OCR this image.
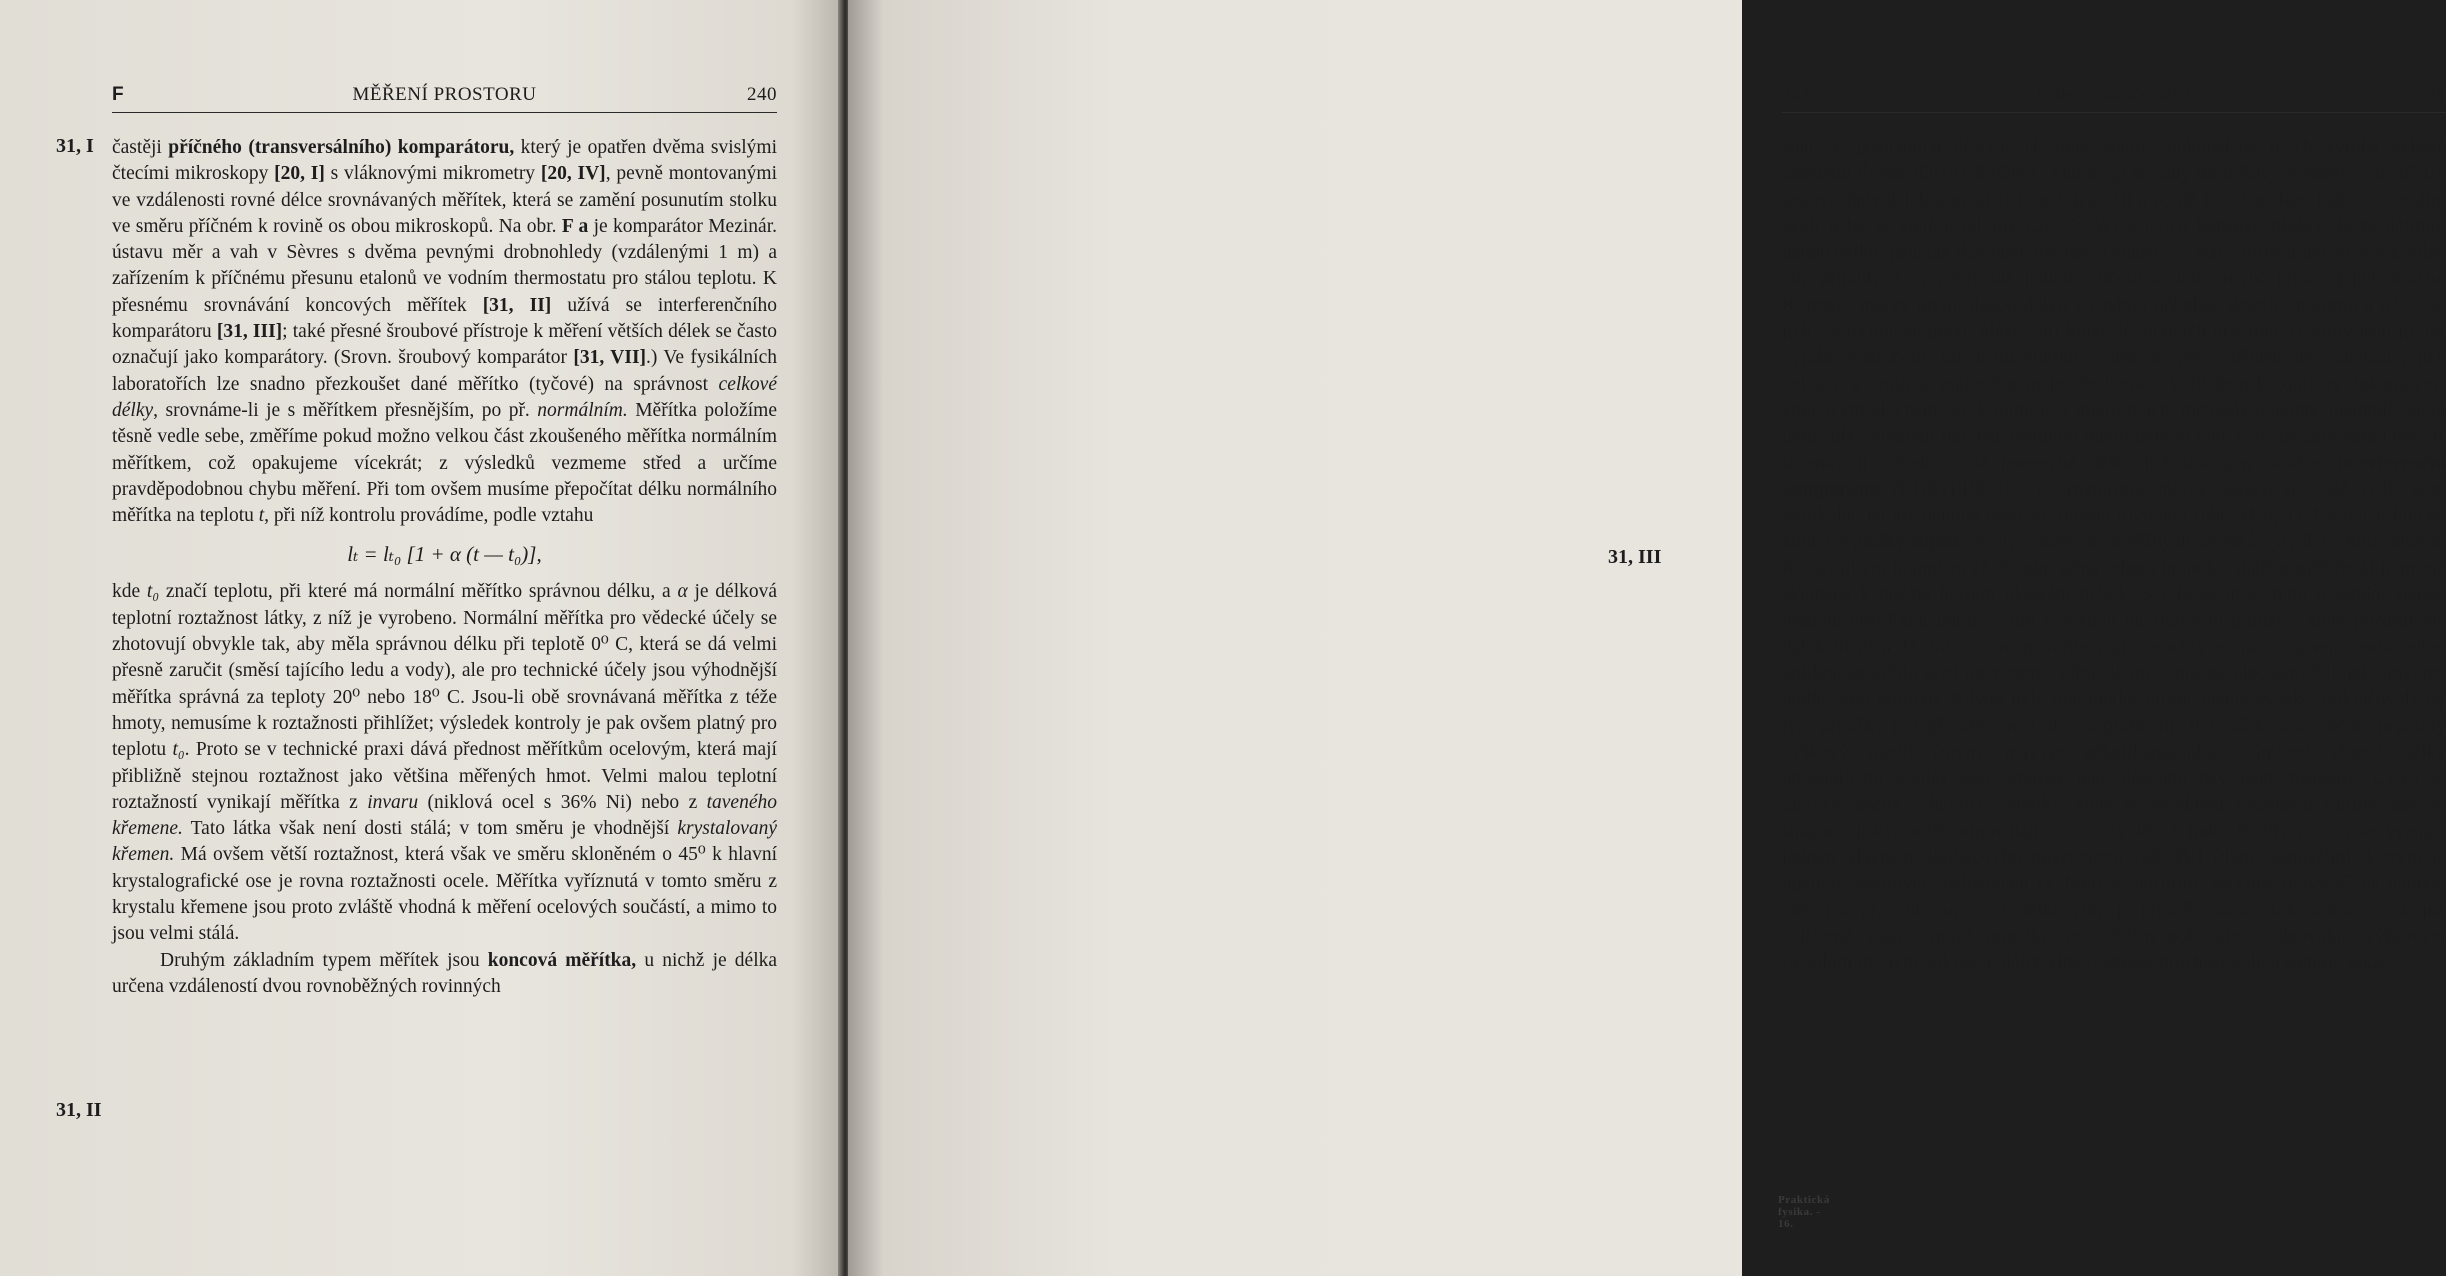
F	MĚŘENÍ PROSTORU	240
31, I
31, II

častěji příčného (transversálního) komparátoru, který je opatřen dvěma svislými čtecími mikroskopy [20, I] s vláknovými mikrometry [20, IV], pevně montovanými ve vzdálenosti rovné délce srovnávaných měřítek, která se zamění posunutím stolku ve směru příčném k rovině os obou mikroskopů. Na obr. F a je komparátor Mezinár. ústavu měr a vah v Sèvres s dvěma pevnými drobnohledy (vzdálenými 1 m) a zařízením k příčnému přesunu etalonů ve vodním thermostatu pro stálou teplotu. K přesnému srovnávání koncových měřítek [31, II] užívá se interferenčního komparátoru [31, III]; také přesné šroubové přístroje k měření větších délek se často označují jako komparátory. (Srovn. šroubový komparátor [31, VII].) Ve fysikálních laboratořích lze snadno přezkoušet dané měřítko (tyčové) na správnost celkové délky, srovnáme-li je s měřítkem přesnějším, po př. normálním. Měřítka položíme těsně vedle sebe, změříme pokud možno velkou část zkoušeného měřítka normálním měřítkem, což opakujeme vícekrát; z výsledků vezmeme střed a určíme pravděpodobnou chybu měření. Při tom ovšem musíme přepočítat délku normálního měřítka na teplotu t, při níž kontrolu provádíme, podle vztahu

lₜ = lₜ₀ [1 + α (t — t₀)],

kde t₀ značí teplotu, při které má normální měřítko správnou délku, a α je délková teplotní roztažnost látky, z níž je vyrobeno. Normální měřítka pro vědecké účely se zhotovují obvykle tak, aby měla správnou délku při teplotě 0⁰ C, která se dá velmi přesně zaručit (směsí tajícího ledu a vody), ale pro technické účely jsou výhodnější měřítka správná za teploty 20⁰ nebo 18⁰ C. Jsou-li obě srovnávaná měřítka z téže hmoty, nemusíme k roztažnosti přihlížet; výsledek kontroly je pak ovšem platný pro teplotu t₀. Proto se v technické praxi dává přednost měřítkům ocelovým, která mají přibližně stejnou roztažnost jako většina měřených hmot. Velmi malou teplotní roztažností vynikají měřítka z invaru (niklová ocel s 36% Ni) nebo z taveného křemene. Tato látka však není dosti stálá; v tom směru je vhodnější krystalovaný křemen. Má ovšem větší roztažnost, která však ve směru skloněném o 45⁰ k hlavní krystalografické ose je rovna roztažnosti ocele. Měřítka vyříznutá v tomto směru z krystalu křemene jsou proto zvláště vhodná k měření ocelových součástí, a mimo to jsou velmi stálá.

Druhým základním typem měřítek jsou koncová měřítka, u nichž je délka určena vzdáleností dvou rovnoběžných rovinných

241	Délkové rozměry těles	31

stěn. V posledních desetiletích byla velmi zdokonalena jejich výroba zvláště zásluhou Švéda JOHANSSONA. Zhotovují se sady destičkových měrek, z nichž lze sestavit řady délek stoupajících po 5 μ až 10 μ po př. i po 1 μ. Jsou buď ze speciální oceli nebo ze stellitu (slitiny Co, Cr, W) a jejich koncové plošky (které definují danou délku) jsou tak dokonale rovinné a hladké, že stačí přitlačit dvě měrky k sobě, aby přilnuly a vytvořily tak jedinou měrku o délce rovné přesně jejich součtu. Koncové měrky určují danou délku s chybou několika desetin mikronu a užívá se jich i v technické praxi, hlavně při kontrole měřicích přístrojů. Ačkoliv jsou již při výrobě podrobeny umělému stárnutí, mění se přece během let poněkud jejich velikost a proto je nutno časem je přezkoušet. Vzhledem k „opticky dokonalým“ koncovým plochám, lze k tomu užít interferenční methody obdobné methodě, která umožnila vyjádření internacionálního metru délkou vlny červené čáry kadmiové. K srovnávání měrek stejně jmenovité délky byl sestrojen zvláštní interferenční komparátor (KÖSTERS 1922). Srovnávané měrky postaví se těsně vedle sebe vertikálně na křemennou destičku přesně rovinnou (obr. 31 a, 1). Na jejich hořejší koncové plošky dopadá svislý svazek rovnoběžných paprsků vytvořený kolimátorem K a dvojitým hranolem H. Spodní stěna tohoto hranolu (slabě postříbřená) je mírně skloněna k oběma horním ploškám měrek. Světlo se mezi nimi a spodní stěnou hranolu několikrát odráží a tím vzniknou interferenční proužky, které pozorujeme dalekohledem D. Ve složeném světle mají proužky různá zabarvení podle toho, kolikrát se světlo před interferencí odrazilo mezi oběma plochami čili, jak pravíme, podle řádu proužku. Kdyby byly obě měrky přesně stejně vysoké, pokračovaly by tyto proužky bez přerušení nad oběma ploškami. Je-li však mezi oběma nepatrný výškový rozdíl (rovný nejvýše několikanásobku průměrné vlnové délky dopadajícího světla) jsou proužky nad ploškami navzájem posunuty. Užívá se obvykle světla z heliové výbojky, které se vhodným způsobem filtruje, aby se snadno zjistily sobě odpovídající proužky téhož řádu. Každý z nich se vyznačí jedním vláknem okulárového mikrometru [20, IV] (dvojvláknového), kterým je opatřen pozorovací dalekohled D. Nato se odfiltrují všechny barvy až na jedinou čáru (na př. zelenou), jejíž délka vlny je přesně známa. Tak dostaneme stejně vzdálené, ostré, tmavé proužky ve světlém poli, které odpovídají výškovým rozdílům rovným poloviční délce vlny (paprsek prochází dolů a nahoru, takže

Praktická fysika. - 16.
31, III
